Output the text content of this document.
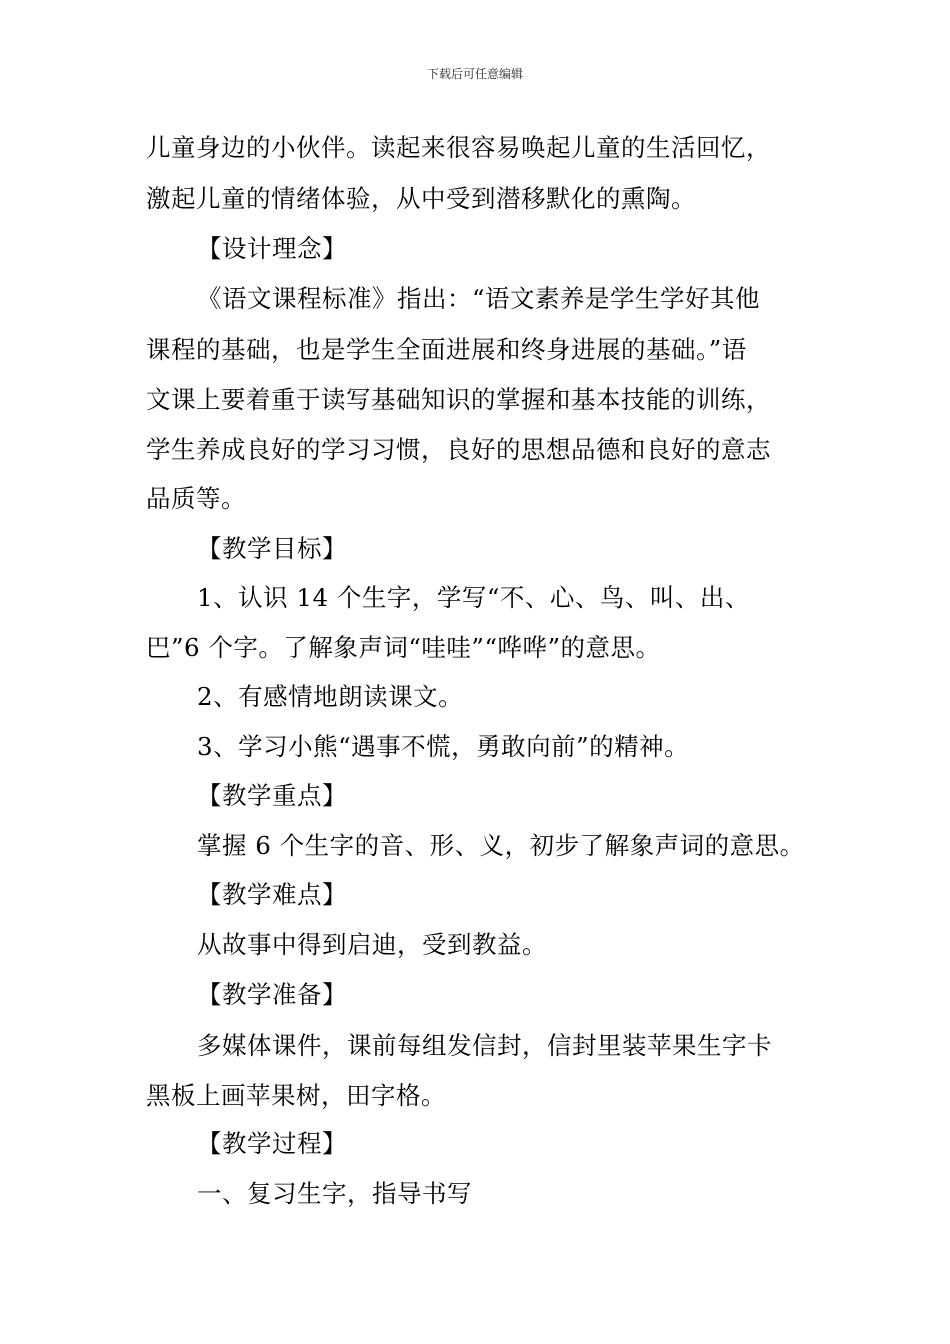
下载后可任意编辑
儿童身边的小伙伴。读起来很容易唤起儿童的生活回忆，
激起儿童的情绪体验，从中受到潜移默化的熏陶。
【设计理念】
《语文课程标准》指出：“语文素养是学生学好其他
课程的基础，也是学生全面进展和终身进展的基础。”语
文课上要着重于读写基础知识的掌握和基本技能的训练，
学生养成良好的学习习惯，良好的思想品德和良好的意志
品质等。
【教学目标】
1、认识 14 个生字，学写“不、心、鸟、叫、出、
巴”6 个字。了解象声词“哇哇”“哗哗”的意思。
2、有感情地朗读课文。
3、学习小熊“遇事不慌，勇敢向前”的精神。
【教学重点】
掌握 6 个生字的音、形、义，初步了解象声词的意思。
【教学难点】
从故事中得到启迪，受到教益。
【教学准备】
多媒体课件，课前每组发信封，信封里装苹果生字卡
黑板上画苹果树，田字格。
【教学过程】
一、复习生字，指导书写
